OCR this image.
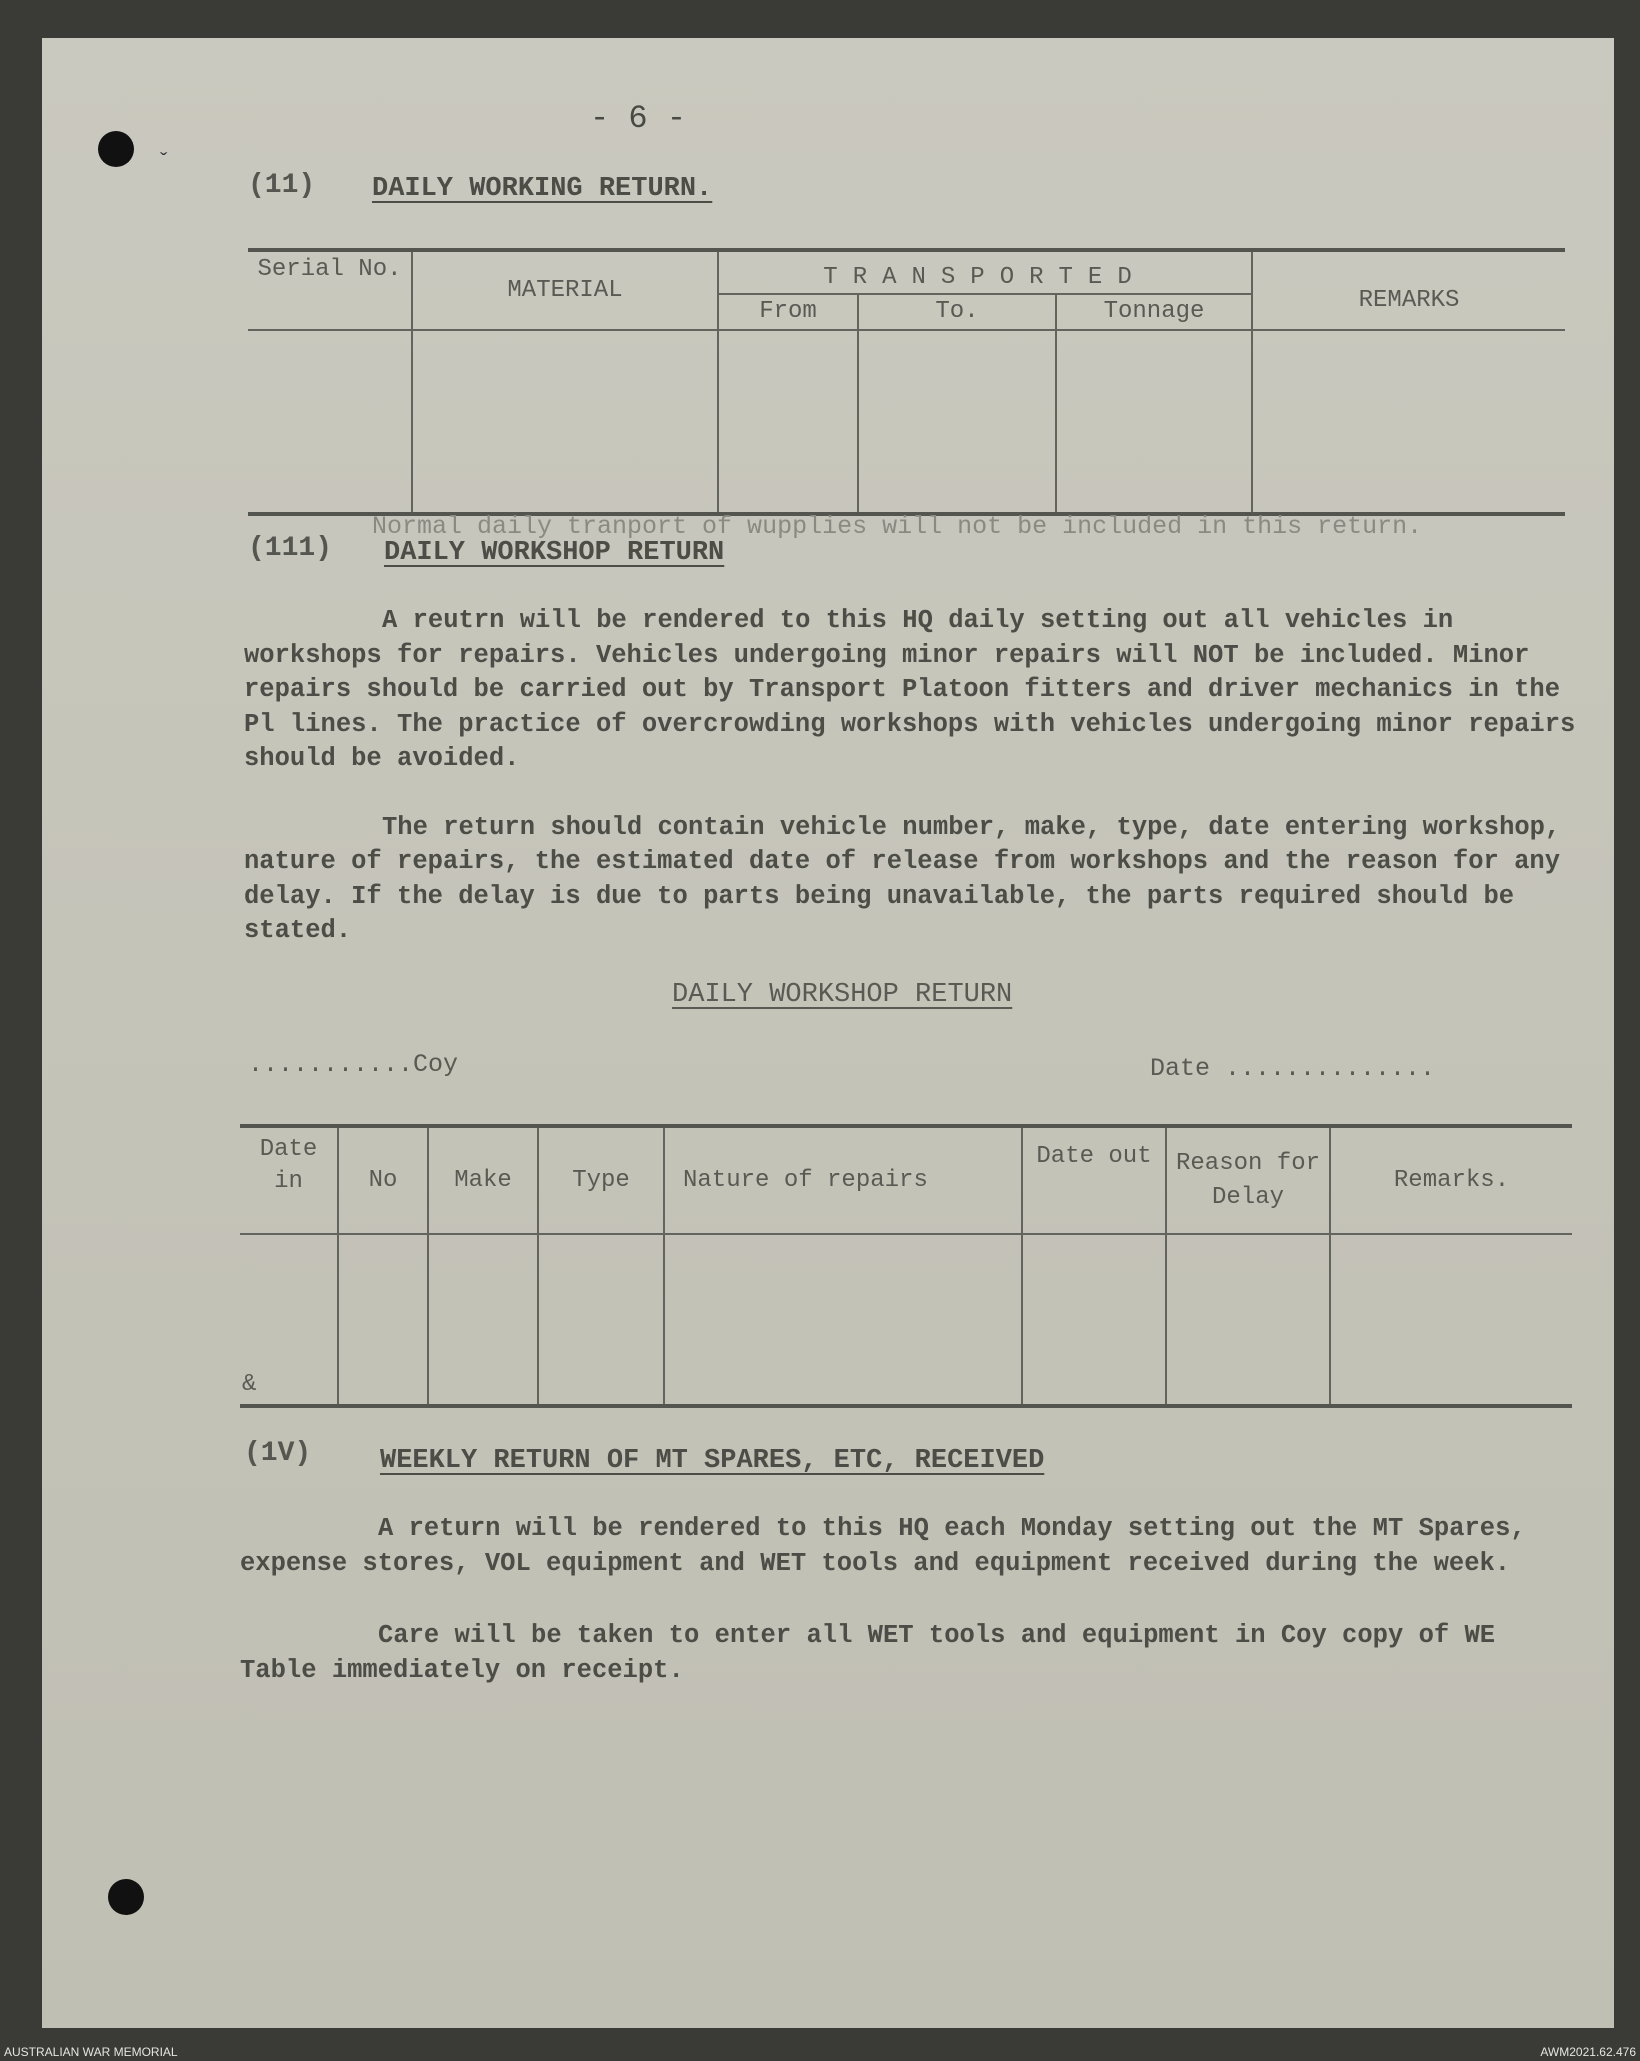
ˇ
- 6 -
(11) DAILY WORKING RETURN.
Serial No.	MATERIAL	TRANSPORTED			REMARKS
		From	To.	Tonnage	

Normal daily tranport of wupplies will not be included in this return.
(111) DAILY WORKSHOP RETURN

A reutrn will be rendered to this HQ daily setting out all vehicles in workshops for repairs. Vehicles undergoing minor repairs will NOT be included. Minor repairs should be carried out by Transport Platoon fitters and driver mechanics in the Pl lines. The practice of overcrowding workshops with vehicles undergoing minor repairs should be avoided.

The return should contain vehicle number, make, type, date entering workshop, nature of repairs, the estimated date of release from workshops and the reason for any delay. If the delay is due to parts being unavailable, the parts required should be stated.

DAILY WORKSHOP RETURN
...........Coy	Date ..............
Date in	No	Make	Type	Nature of repairs	Date out	Reason for Delay	Remarks.
&							
(1V)	WEEKLY RETURN OF MT SPARES, ETC, RECEIVED

A return will be rendered to this HQ each Monday setting out the MT Spares, expense stores, VOL equipment and WET tools and equipment received during the week.

Care will be taken to enter all WET tools and equipment in Coy copy of WE Table immediately on receipt.

AUSTRALIAN WAR MEMORIAL	AWM2021.62.476
